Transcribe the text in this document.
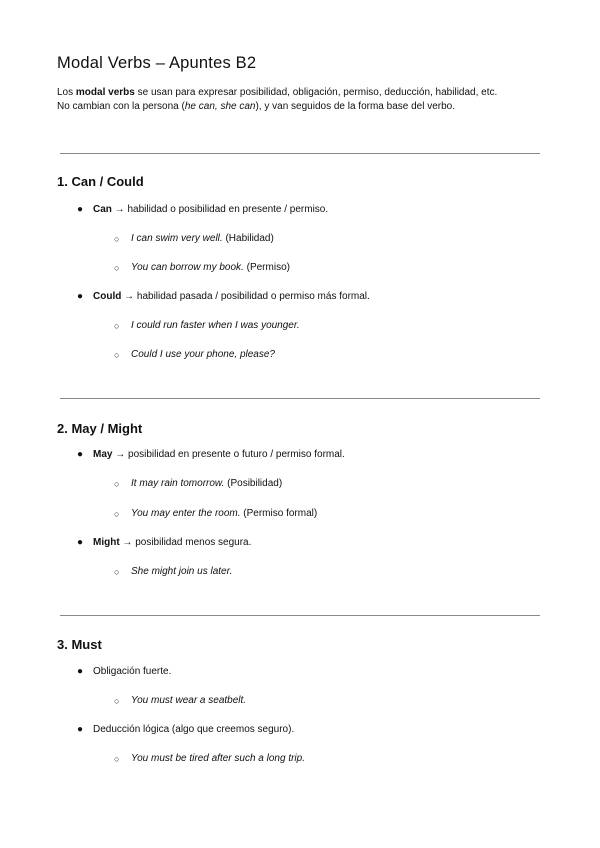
Modal Verbs – Apuntes B2

Los modal verbs se usan para expresar posibilidad, obligación, permiso, deducción, habilidad, etc.
No cambian con la persona (he can, she can), y van seguidos de la forma base del verbo.

1. Can / Could
● Can → habilidad o posibilidad en presente / permiso.
○ I can swim very well. (Habilidad)
○ You can borrow my book. (Permiso)
● Could → habilidad pasada / posibilidad o permiso más formal.
○ I could run faster when I was younger.
○ Could I use your phone, please?
2. May / Might
● May → posibilidad en presente o futuro / permiso formal.
○ It may rain tomorrow. (Posibilidad)
○ You may enter the room. (Permiso formal)
● Might → posibilidad menos segura.
○ She might join us later.
3. Must
● Obligación fuerte.
○ You must wear a seatbelt.
● Deducción lógica (algo que creemos seguro).
○ You must be tired after such a long trip.
